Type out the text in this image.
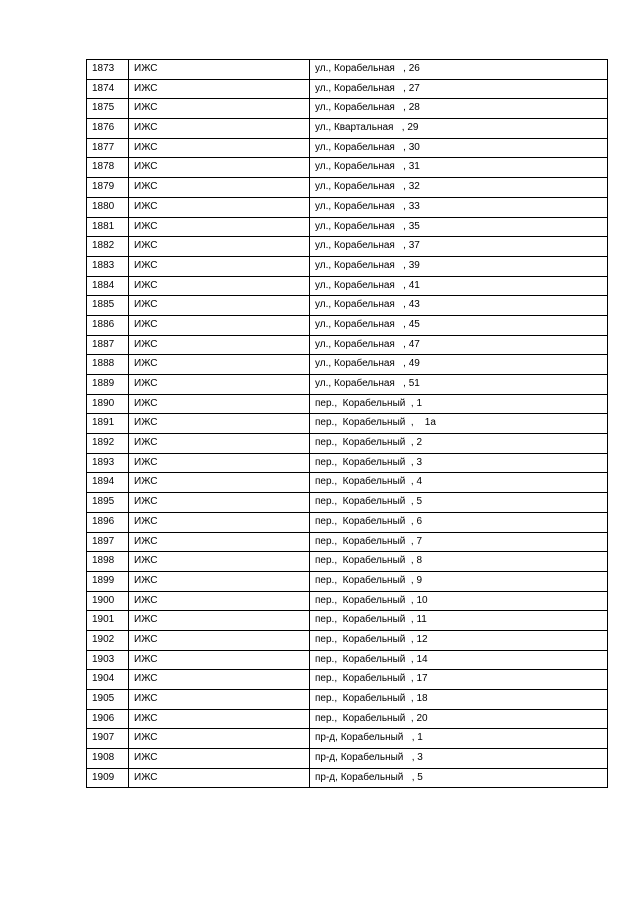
1873	ИЖС	ул., Корабельная   , 26
1874	ИЖС	ул., Корабельная   , 27
1875	ИЖС	ул., Корабельная   , 28
1876	ИЖС	ул., Квартальная   , 29
1877	ИЖС	ул., Корабельная   , 30
1878	ИЖС	ул., Корабельная   , 31
1879	ИЖС	ул., Корабельная   , 32
1880	ИЖС	ул., Корабельная   , 33
1881	ИЖС	ул., Корабельная   , 35
1882	ИЖС	ул., Корабельная   , 37
1883	ИЖС	ул., Корабельная   , 39
1884	ИЖС	ул., Корабельная   , 41
1885	ИЖС	ул., Корабельная   , 43
1886	ИЖС	ул., Корабельная   , 45
1887	ИЖС	ул., Корабельная   , 47
1888	ИЖС	ул., Корабельная   , 49
1889	ИЖС	ул., Корабельная   , 51
1890	ИЖС	пер.,  Корабельный  , 1
1891	ИЖС	пер.,  Корабельный  ,    1а
1892	ИЖС	пер.,  Корабельный  , 2
1893	ИЖС	пер.,  Корабельный  , 3
1894	ИЖС	пер.,  Корабельный  , 4
1895	ИЖС	пер.,  Корабельный  , 5
1896	ИЖС	пер.,  Корабельный  , 6
1897	ИЖС	пер.,  Корабельный  , 7
1898	ИЖС	пер.,  Корабельный  , 8
1899	ИЖС	пер.,  Корабельный  , 9
1900	ИЖС	пер.,  Корабельный  , 10
1901	ИЖС	пер.,  Корабельный  , 11
1902	ИЖС	пер.,  Корабельный  , 12
1903	ИЖС	пер.,  Корабельный  , 14
1904	ИЖС	пер.,  Корабельный  , 17
1905	ИЖС	пер.,  Корабельный  , 18
1906	ИЖС	пер.,  Корабельный  , 20
1907	ИЖС	пр-д, Корабельный   , 1
1908	ИЖС	пр-д, Корабельный   , 3
1909	ИЖС	пр-д, Корабельный   , 5
